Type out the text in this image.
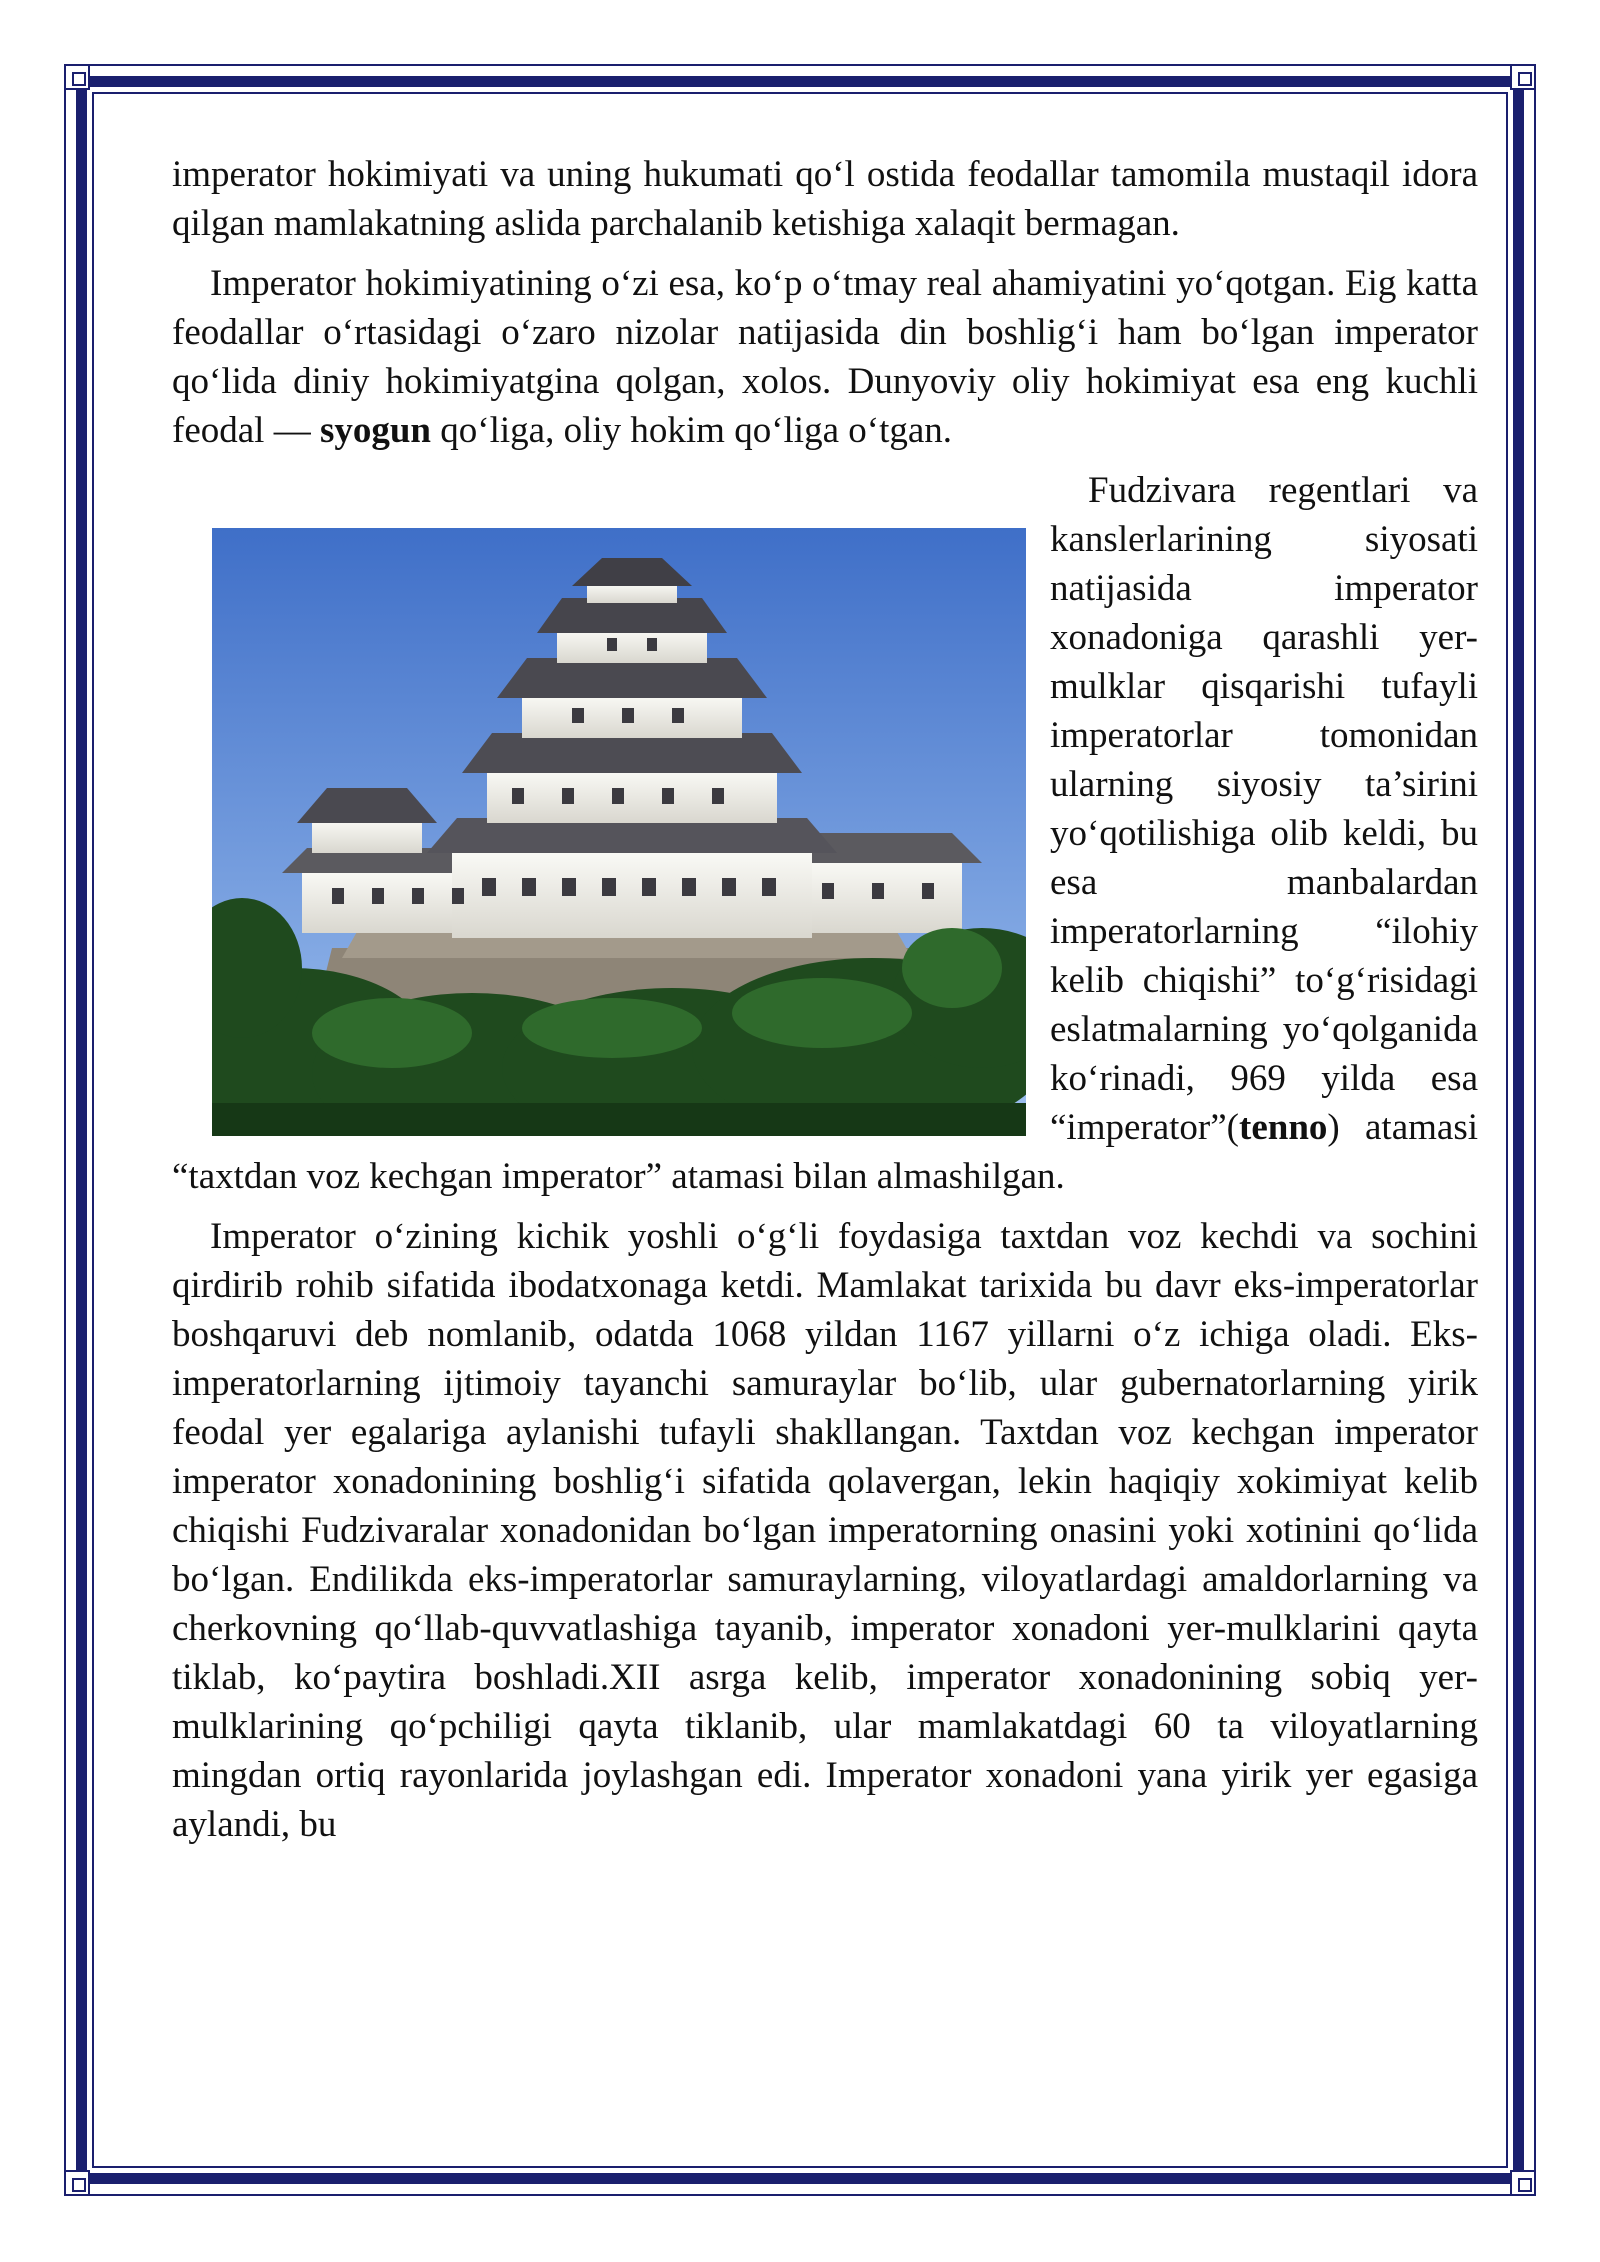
imperator hokimiyati va uning hukumati qo‘l ostida feodallar tamomila mustaqil idora qilgan mamlakatning aslida parchalanib ketishiga xalaqit bermagan.

Imperator hokimiyatining o‘zi esa, ko‘p o‘tmay real ahamiyatini yo‘qotgan. Eig katta feodallar o‘rtasidagi o‘zaro nizolar natijasida din boshlig‘i ham bo‘lgan imperator qo‘lida diniy hokimiyatgina qolgan, xolos. Dunyoviy oliy hokimiyat esa eng kuchli feodal — syogun qo‘liga, oliy hokim qo‘liga o‘tgan.

Fudzivara regentlari va kanslerlarining siyosati natijasida imperator xonadoniga qarashli yer-mulklar qisqarishi tufayli imperatorlar tomonidan ularning siyosiy ta’sirini yo‘qotilishiga olib keldi, bu esa manbalardan imperatorlarning “ilohiy kelib chiqishi” to‘g‘risidagi eslatmalarning yo‘qolganida ko‘rinadi, 969 yilda esa “imperator”(tenno) atamasi “taxtdan voz kechgan imperator” atamasi bilan almashilgan.

Imperator o‘zining kichik yoshli o‘g‘li foydasiga taxtdan voz kechdi va sochini qirdirib rohib sifatida ibodatxonaga ketdi. Mamlakat tarixida bu davr eks-imperatorlar boshqaruvi deb nomlanib, odatda 1068 yildan 1167 yillarni o‘z ichiga oladi. Eks-imperatorlarning ijtimoiy tayanchi samuraylar bo‘lib, ular gubernatorlarning yirik feodal yer egalariga aylanishi tufayli shakllangan. Taxtdan voz kechgan imperator imperator xonadonining boshlig‘i sifatida qolavergan, lekin haqiqiy xokimiyat kelib chiqishi Fudzivaralar xonadonidan bo‘lgan imperatorning onasini yoki xotinini qo‘lida bo‘lgan. Endilikda eks-imperatorlar samuraylarning, viloyatlardagi amaldorlarning va cherkovning qo‘llab-quvvatlashiga tayanib, imperator xonadoni yer-mulklarini qayta tiklab, ko‘paytira boshladi.XII asrga kelib, imperator xonadonining sobiq yer-mulklarining qo‘pchiligi qayta tiklanib, ular mamlakatdagi 60 ta viloyatlarning mingdan ortiq rayonlarida joylashgan edi. Imperator xonadoni yana yirik yer egasiga aylandi, bu
